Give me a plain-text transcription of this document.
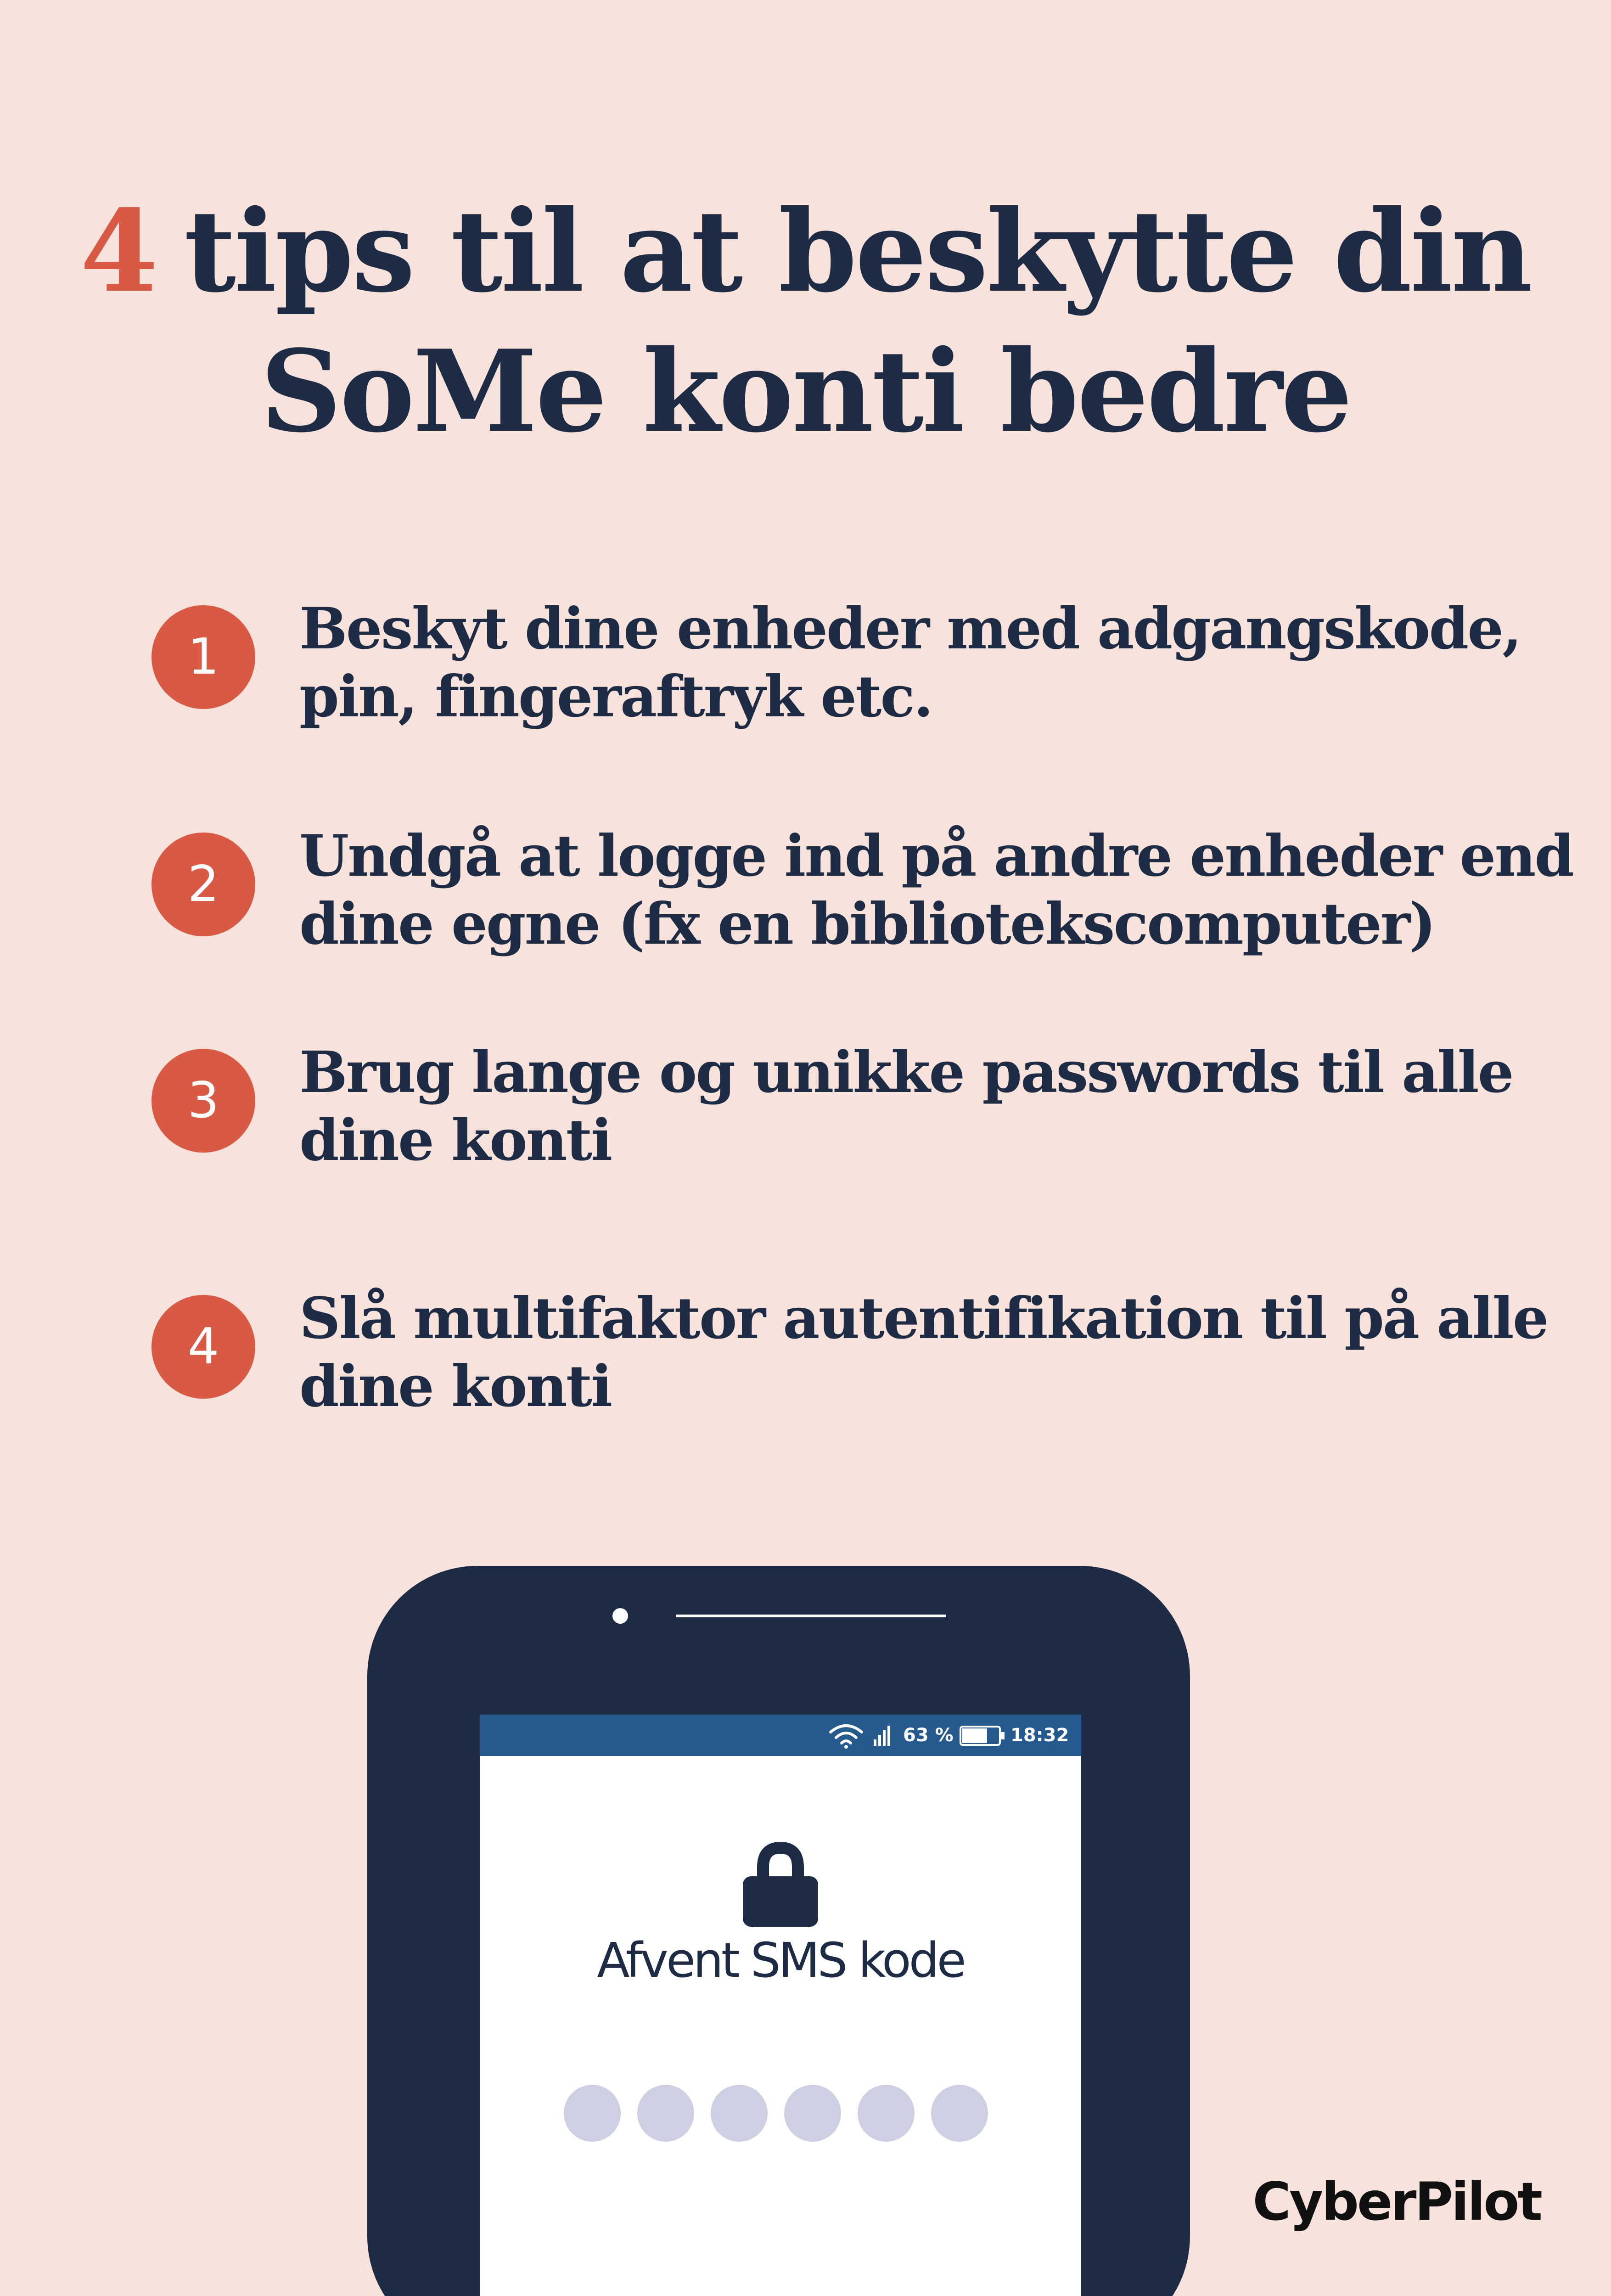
4 tips til at beskytte din
SoMe konti bedre
1	Beskyt dine enheder med adgangskode,
pin, fingeraftryk etc.
2	Undgå at logge ind på andre enheder end
dine egne (fx en bibliotekscomputer)
3	Brug lange og unikke passwords til alle
dine konti
4	Slå multifaktor autentifikation til på alle
dine konti
63 %	18:32
Afvent SMS kode
CyberPilot
